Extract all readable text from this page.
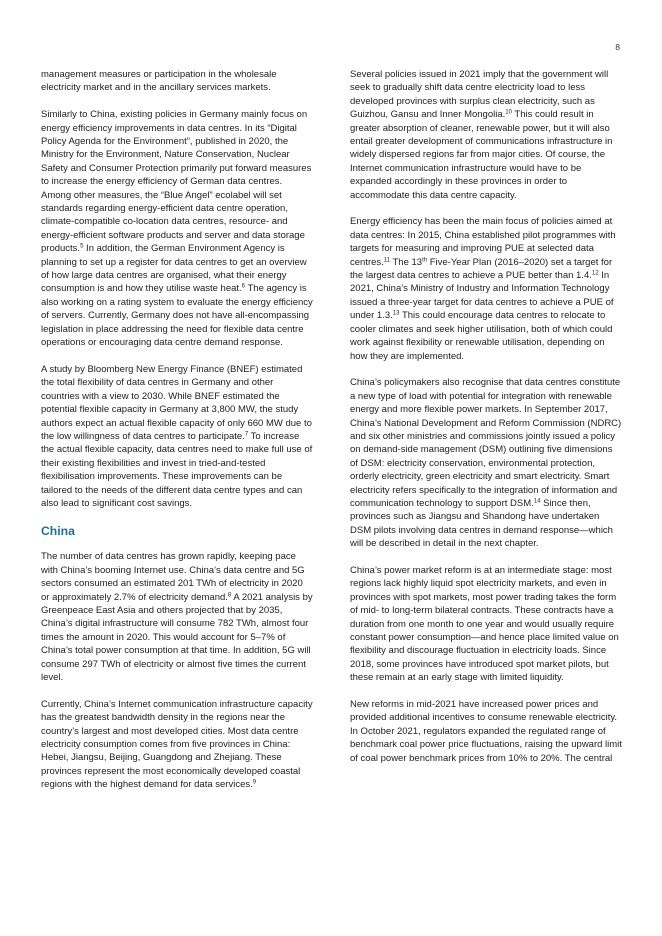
8

management measures or participation in the wholesale electricity market and in the ancillary services markets.

Similarly to China, existing policies in Germany mainly focus on energy efficiency improvements in data centres. In its “Digital Policy Agenda for the Environment”, published in 2020, the Ministry for the Environment, Nature Conservation, Nuclear Safety and Consumer Protection primarily put forward measures to increase the energy efficiency of German data centres. Among other measures, the “Blue Angel” ecolabel will set standards regarding energy-efficient data centre operation, climate-compatible co-location data centres, resource- and energy-efficient software products and server and data storage products.$^5$ In addition, the German Environment Agency is planning to set up a register for data centres to get an overview of how large data centres are organised, what their energy consumption is and how they utilise waste heat.$^6$ The agency is also working on a rating system to evaluate the energy efficiency of servers. Currently, Germany does not have all-encompassing legislation in place addressing the need for flexible data centre operations or encouraging data centre demand response.

A study by Bloomberg New Energy Finance (BNEF) estimated the total flexibility of data centres in Germany and other countries with a view to 2030. While BNEF estimated the potential flexible capacity in Germany at 3,800 MW, the study authors expect an actual flexible capacity of only 660 MW due to the low willingness of data centres to participate.$^7$ To increase the actual flexible capacity, data centres need to make full use of their existing flexibilities and invest in tried-and-tested flexibilisation improvements. These improvements can be tailored to the needs of the different data centre types and can also lead to significant cost savings.

China

The number of data centres has grown rapidly, keeping pace with China’s booming Internet use. China’s data centre and 5G sectors consumed an estimated 201 TWh of electricity in 2020 or approximately 2.7% of electricity demand.$^8$ A 2021 analysis by Greenpeace East Asia and others projected that by 2035, China’s digital infrastructure will consume 782 TWh, almost four times the amount in 2020. This would account for 5–7% of China’s total power consumption at that time. In addition, 5G will consume 297 TWh of electricity or almost five times the current level.

Currently, China’s Internet communication infrastructure capacity has the greatest bandwidth density in the regions near the country’s largest and most developed cities. Most data centre electricity consumption comes from five provinces in China: Hebei, Jiangsu, Beijing, Guangdong and Zhejiang. These provinces represent the most economically developed coastal regions with the highest demand for data services.$^9$

Several policies issued in 2021 imply that the government will seek to gradually shift data centre electricity load to less developed provinces with surplus clean electricity, such as Guizhou, Gansu and Inner Mongolia.$^{10}$ This could result in greater absorption of cleaner, renewable power, but it will also entail greater development of communications infrastructure in widely dispersed regions far from major cities. Of course, the Internet communication infrastructure would have to be expanded accordingly in these provinces in order to accommodate this data centre capacity.

Energy efficiency has been the main focus of policies aimed at data centres: In 2015, China established pilot programmes with targets for measuring and improving PUE at selected data centres.$^{11}$ The 13th Five-Year Plan (2016–2020) set a target for the largest data centres to achieve a PUE better than 1.4.12 In 2021, China’s Ministry of Industry and Information Technology issued a three-year target for data centres to achieve a PUE of under 1.3.13 This could encourage data centres to relocate to cooler climates and seek higher utilisation, both of which could work against flexibility or renewable utilisation, depending on how they are implemented.

China’s policymakers also recognise that data centres constitute a new type of load with potential for integration with renewable energy and more flexible power markets. In September 2017, China’s National Development and Reform Commission (NDRC) and six other ministries and commissions jointly issued a policy on demand-side management (DSM) outlining five dimensions of DSM: electricity conservation, environmental protection, orderly electricity, green electricity and smart electricity. Smart electricity refers specifically to the integration of information and communication technology to support DSM.$^{14}$ Since then, provinces such as Jiangsu and Shandong have undertaken DSM pilots involving data centres in demand response—which will be described in detail in the next chapter.

China’s power market reform is at an intermediate stage: most regions lack highly liquid spot electricity markets, and even in provinces with spot markets, most power trading takes the form of mid- to long-term bilateral contracts. These contracts have a duration from one month to one year and would usually require constant power consumption—and hence place limited value on flexibility and discourage fluctuation in electricity loads. Since 2018, some provinces have introduced spot market pilots, but these remain at an early stage with limited liquidity.

New reforms in mid-2021 have increased power prices and provided additional incentives to consume renewable electricity. In October 2021, regulators expanded the regulated range of benchmark coal power price fluctuations, raising the upward limit of coal power benchmark prices from 10% to 20%. The central
